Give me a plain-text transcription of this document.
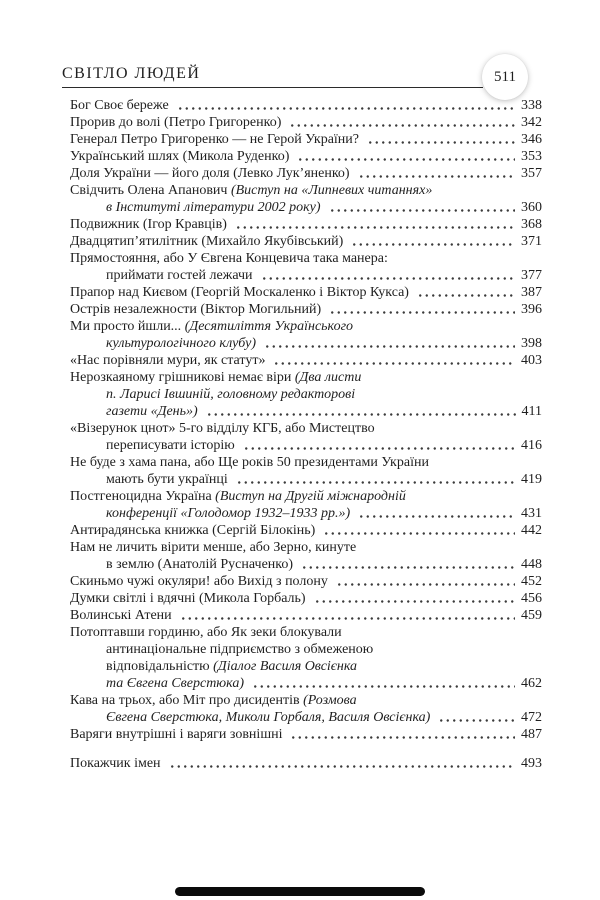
СВІТЛО ЛЮДЕЙ	511
Бог Своє береже	338
Прорив до волі (Петро Григоренко)	342
Генерал Петро Григоренко — не Герой України?	346
Український шлях (Микола Руденко)	353
Доля України — його доля (Левко Лук’яненко)	357
Свідчить Олена Апанович (Виступ на «Липневих читаннях»
в Інституті літератури 2002 року)	360
Подвижник (Ігор Кравців)	368
Двадцятип’ятилітник (Михайло Якубівський)	371
Прямостояння, або У Євгена Концевича така манера:
приймати гостей лежачи	377
Прапор над Києвом (Георгій Москаленко і Віктор Кукса)	387
Острів незалежности (Віктор Могильний)	396
Ми просто йшли... (Десятиліття Українського
культурологічного клубу)	398
«Нас порівняли мури, як статут»	403
Нерозкаяному грішникові немає віри (Два листи
п. Ларисі Івшиній, головному редакторові
газети «День»)	411
«Візерунок цнот» 5-го відділу КГБ, або Мистецтво
переписувати історію	416
Не буде з хама пана, або Ще років 50 президентами України
мають бути українці	419
Постгеноцидна Україна (Виступ на Другій міжнародній
конференції «Голодомор 1932–1933 рр.»)	431
Антирадянська книжка (Сергій Білокінь)	442
Нам не личить вірити менше, або Зерно, кинуте
в землю (Анатолій Русначенко)	448
Скиньмо чужі окуляри! або Вихід з полону	452
Думки світлі і вдячні (Микола Горбаль)	456
Волинські Атени	459
Потоптавши гординю, або Як зеки блокували
антинаціональне підприємство з обмеженою
відповідальністю (Діалог Василя Овсієнка
та Євгена Сверстюка)	462
Кава на трьох, або Міт про дисидентів (Розмова
Євгена Сверстюка, Миколи Горбаля, Василя Овсієнка)	472
Варяги внутрішні і варяги зовнішні	487
Покажчик імен	493
